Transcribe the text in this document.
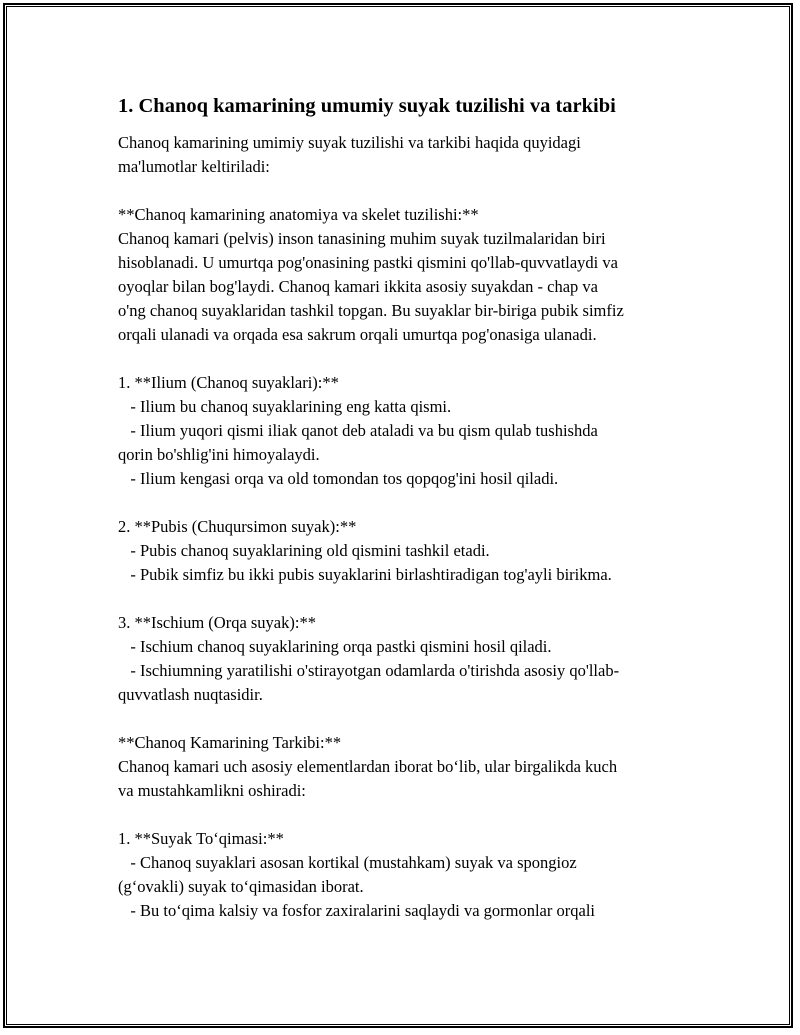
1. Chanoq kamarining umumiy suyak tuzilishi va tarkibi
Chanoq kamarining umimiy suyak tuzilishi va tarkibi haqida quyidagi
ma'lumotlar keltiriladi:
**Chanoq kamarining anatomiya va skelet tuzilishi:**
Chanoq kamari (pelvis) inson tanasining muhim suyak tuzilmalaridan biri
hisoblanadi. U umurtqa pog'onasining pastki qismini qo'llab-quvvatlaydi va
oyoqlar bilan bog'laydi. Chanoq kamari ikkita asosiy suyakdan - chap va
o'ng chanoq suyaklaridan tashkil topgan. Bu suyaklar bir-biriga pubik simfiz
orqali ulanadi va orqada esa sakrum orqali umurtqa pog'onasiga ulanadi.
1. **Ilium (Chanoq suyaklari):**
- Ilium bu chanoq suyaklarining eng katta qismi.
- Ilium yuqori qismi iliak qanot deb ataladi va bu qism qulab tushishda
qorin bo'shlig'ini himoyalaydi.
- Ilium kengasi orqa va old tomondan tos qopqog'ini hosil qiladi.
2. **Pubis (Chuqursimon suyak):**
- Pubis chanoq suyaklarining old qismini tashkil etadi.
- Pubik simfiz bu ikki pubis suyaklarini birlashtiradigan tog'ayli birikma.
3. **Ischium (Orqa suyak):**
- Ischium chanoq suyaklarining orqa pastki qismini hosil qiladi.
- Ischiumning yaratilishi o'stirayotgan odamlarda o'tirishda asosiy qo'llab-
quvvatlash nuqtasidir.
**Chanoq Kamarining Tarkibi:**
Chanoq kamari uch asosiy elementlardan iborat bo‘lib, ular birgalikda kuch
va mustahkamlikni oshiradi:
1. **Suyak To‘qimasi:**
- Chanoq suyaklari asosan kortikal (mustahkam) suyak va spongioz
(g‘ovakli) suyak to‘qimasidan iborat.
- Bu to‘qima kalsiy va fosfor zaxiralarini saqlaydi va gormonlar orqali
